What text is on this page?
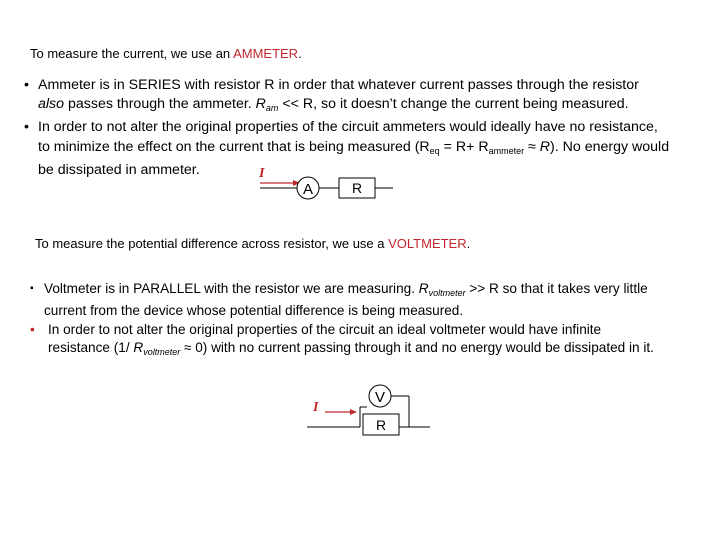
To measure the current, we use an AMMETER.
• Ammeter is in SERIES with resistor R in order that whatever current passes through the resistor
also passes through the ammeter. $R_{am} << R$, so it doesn’t change the current being measured.
• In order to not alter the original properties of the circuit ammeters would ideally have no resistance,
to minimize the effect on the current that is being measured $(R_{eq} = R+ R_{ammeter} \approx R)$. No energy would
be dissipated in ammeter.	I
A	R
To measure the potential difference across resistor, we use a VOLTMETER.
▪ Voltmeter is in PARALLEL with the resistor we are measuring. $R_{voltmeter} >> R$ so that it takes very little
current from the device whose potential difference is being measured.
• In order to not alter the original properties of the circuit an ideal voltmeter would have infinite
resistance (1/ $R_{voltmeter} \approx 0$) with no current passing through it and no energy would be dissipated in it.
I
V
R
